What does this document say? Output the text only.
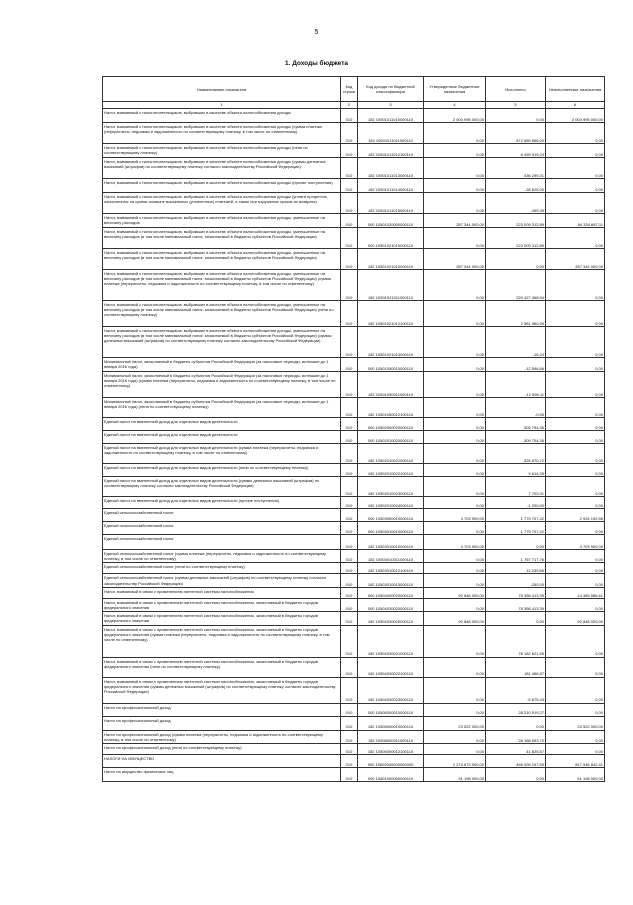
5
1. Доходы бюджета
Наименование показателя	Код строки	Код дохода по бюджетной классификации	Утвержденные бюджетные назначения	Исполнено	Неисполненные назначения
1	2	3	4	5	6
Налог, взимаемый с налогоплательщиков, выбравших в качестве объекта налогообложения доходы	010	182 10501011010000110	2 004 995 000,00	0,00	2 004 995 000,00
Налог, взимаемый с налогоплательщиков, выбравших в качестве объекта налогообложения доходы (сумма платежа (перерасчеты, недоимка и задолженность по соответствующему платежу, в том числе по отмененному)	010	182 10501011011000110	0,00	872 689 666,00	0,00
Налог, взимаемый с налогоплательщиков, выбравших в качестве объекта налогообложения доходы (пени по соответствующему платежу)	010	182 10501011012100110	0,00	6 439 919,24	0,00
Налог, взимаемый с налогоплательщиков, выбравших в качестве объекта налогообложения доходы (суммы денежных взысканий (штрафов) по соответствующему платежу согласно законодательству Российской Федерации)	010	182 10501011013000110	0,00	436 299,21	0,00
Налог, взимаемый с налогоплательщиков, выбравших в качестве объекта налогообложения доходы (прочие поступления)	010	182 10501011014000110	0,00	-28 625,00	0,00
Налог, взимаемый с налогоплательщиков, выбравших в качестве объекта налогообложения доходы (уплата процентов, начисленных на суммы излишне взысканных (уплаченных) платежей, а также при нарушении сроков их возврата)	010	182 10501011015000110	0,00	-459,35	0,00
Налог, взимаемый с налогоплательщиков, выбравших в качестве объекта налогообложения доходы, уменьшенные на величину расходов	010	000 10501020000000110	287 344 000,00	223 009 312,89	64 334 687,11
Налог, взимаемый с налогоплательщиков, выбравших в качестве объекта налогообложения доходы, уменьшенные на величину расходов (в том числе минимальный налог, зачисляемый в бюджеты субъектов Российской Федерации)	010	000 10501021010000110	0,00	223 009 312,89	0,00
Налог, взимаемый с налогоплательщиков, выбравших в качестве объекта налогообложения доходы, уменьшенные на величину расходов (в том числе минимальный налог, зачисляемый в бюджеты субъектов Российской Федерации)	010	182 10501021010000110	287 344 000,00	0,00	287 344 000,00
Налог, взимаемый с налогоплательщиков, выбравших в качестве объекта налогообложения доходы, уменьшенные на величину расходов (в том числе минимальный налог, зачисляемый в бюджеты субъектов Российской Федерации) (сумма платежа (перерасчеты, недоимка и задолженность по соответствующему платежу, в том числе по отмененному)	010	182 10501021011000110	0,00	220 427 368,54	0,00
Налог, взимаемый с налогоплательщиков, выбравших в качестве объекта налогообложения доходы, уменьшенные на величину расходов (в том числе минимальный налог, зачисляемый в бюджеты субъектов Российской Федерации) (пени по соответствующему платежу)	010	182 10501021012100110	0,00	2 581 960,59	0,00
Налог, взимаемый с налогоплательщиков, выбравших в качестве объекта налогообложения доходы, уменьшенные на величину расходов (в том числе минимальный налог, зачисляемый в бюджеты субъектов Российской Федерации) (суммы денежных взысканий (штрафов) по соответствующему платежу согласно законодательству Российской Федерации)	010	182 10501021013000110	0,00	-16,24	0,00
Минимальный налог, зачисляемый в бюджеты субъектов Российской Федерации (за налоговые периоды, истекшие до 1 января 2016 года)	010	000 10501050010000110	0,00	-12 596,66	0,00
Минимальный налог, зачисляемый в бюджеты субъектов Российской Федерации (за налоговые периоды, истекшие до 1 января 2016 года) (сумма платежа (перерасчеты, недоимка и задолженность по соответствующему платежу, в том числе по отмененному)	010	182 10501050011000110	0,00	-12 596,11	0,00
Минимальный налог, зачисляемый в бюджеты субъектов Российской Федерации (за налоговые периоды, истекшие до 1 января 2016 года) (пени по соответствующему платежу)	010	182 10501050012100110	0,00	-0,55	0,00
Единый налог на вмененный доход для отдельных видов деятельности	010	000 10502000020000110	0,00	-309 754,36	0,00
Единый налог на вмененный доход для отдельных видов деятельности	010	000 10502010020000110	0,00	-309 754,36	0,00
Единый налог на вмененный доход для отдельных видов деятельности (сумма платежа (перерасчеты, недоимка и задолженность по соответствующему платежу, в том числе по отмененному)	010	182 10502010021000110	0,00	-325 870,72	0,00
Единый налог на вмененный доход для отдельных видов деятельности (пени по соответствующему платежу)	010	182 10502010022100110	0,00	9 614,35	0,00
Единый налог на вмененный доход для отдельных видов деятельности (суммы денежных взысканий (штрафов) по соответствующему платежу согласно законодательству Российской Федерации)	010	182 10502010023000110	0,00	7 702,01	0,00
Единый налог на вмененный доход для отдельных видов деятельности (прочие поступления)	010	182 10502010024000110	0,00	-1 200,00	0,00
Единый сельскохозяйственный налог	010	000 10503000010000110	4 703 900,00	1 779 707,42	2 924 192,58
Единый сельскохозяйственный налог	010	000 10503010010000110	0,00	1 779 707,42	0,00
Единый сельскохозяйственный налог	010	182 10503010010000110	4 703 900,00	0,00	4 703 900,00
Единый сельскохозяйственный налог (сумма платежа (перерасчеты, недоимка и задолженность по соответствующему платежу, в том числе по отмененному)	010	182 10503010011000110	0,00	1 767 717,76	0,00
Единый сельскохозяйственный налог (пени по соответствующему платежу)	010	182 10503010012100110	0,00	12 239,66	0,00
Единый сельскохозяйственный налог (суммы денежных взысканий (штрафов) по соответствующему платежу согласно законодательству Российской Федерации)	010	182 10503010013000110	0,00	-250,00	0,00
Налог, взимаемый в связи с применением патентной системы налогообложения	010	000 10504000020000110	92 848 000,00	78 358 413,39	14 489 586,61
Налог, взимаемый в связи с применением патентной системы налогообложения, зачисляемый в бюджеты городов федерального значения	010	000 10504030020000110	0,00	78 358 413,39	0,00
Налог, взимаемый в связи с применением патентной системы налогообложения, зачисляемый в бюджеты городов федерального значения	010	182 10504030020000110	92 848 000,00	0,00	92 848 000,00
Налог, взимаемый в связи с применением патентной системы налогообложения, зачисляемый в бюджеты городов федерального значения (сумма платежа (перерасчеты, недоимка и задолженность по соответствующему платежу, в том числе по отмененному)	010	182 10504030021000110	0,00	78 182 621,95	0,00
Налог, взимаемый в связи с применением патентной системы налогообложения, зачисляемый в бюджеты городов федерального значения (пени по соответствующему платежу)	010	182 10504030022100110	0,00	181 466,87	0,00
Налог, взимаемый в связи с применением патентной системы налогообложения, зачисляемый в бюджеты городов федерального значения (суммы денежных взысканий (штрафов) по соответствующему платежу согласно законодательству Российской Федерации)	010	182 10504030023000110	0,00	-5 675,43	0,00
Налог на профессиональный доход	010	000 10506000010000110	0,00	28 210 519,27	0,00
Налог на профессиональный доход	010	182 10506000010000110	23 522 000,00	0,00	23 522 000,00
Налог на профессиональный доход (сумма платежа (перерасчеты, недоимка и задолженность по соответствующему платежу, в том числе по отмененному)	010	182 10506000011000110	0,00	28 168 693,70	0,00
Налог на профессиональный доход (пени по соответствующему платежу)	010	182 10506000012100110	0,00	41 825,57	0,00
НАЛОГИ НА ИМУЩЕСТВО	010	000 10600000000000000	1 274 673 000,00	456 926 157,59	817 946 842,41
Налог на имущество физических лиц	010	000 10601000000000110	51 198 000,00	0,00	51 198 000,00
